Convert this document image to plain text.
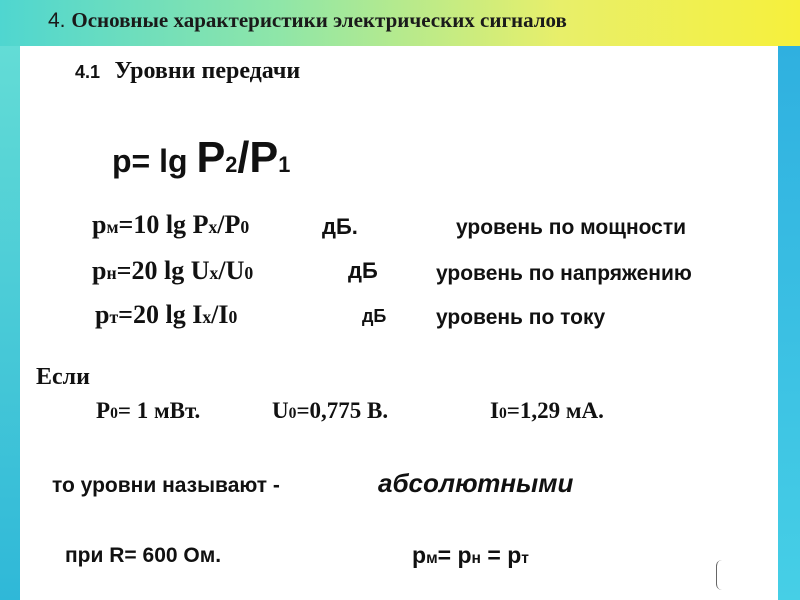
4. Основные характеристики электрических сигналов
4.1 Уровни передачи
p= lg P2/P1
pм=10 lg Px/P0	дБ.	уровень по мощности
pн=20 lg Ux/U0	дБ	уровень по напряжению
pт=20 lg Ix/I0	дБ уровень по току
Если
P0= 1 мВт.	U0=0,775 В.	I0=1,29 мА.
то уровни называют -	абсолютными
при R= 600 Ом.	pм= pн = pт
